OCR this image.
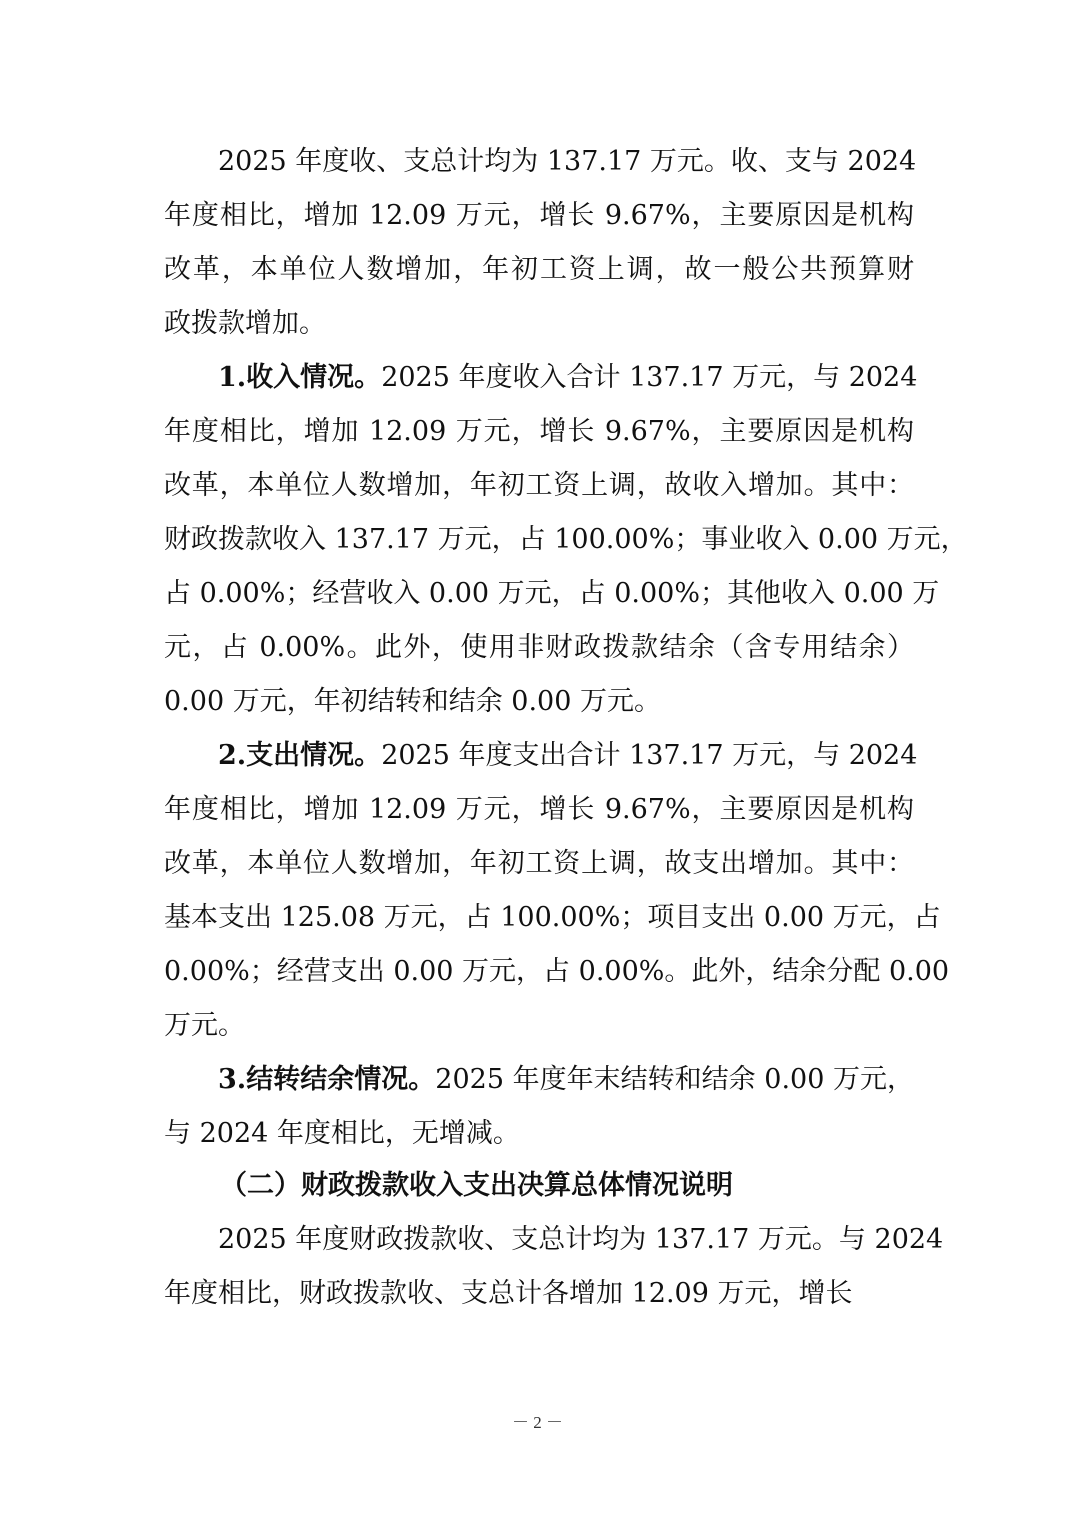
2025 年度收、支总计均为 137.17 万元。收、支与 2024
年度相比，增加 12.09 万元，增长 9.67%，主要原因是机构
改革，本单位人数增加，年初工资上调，故一般公共预算财
政拨款增加。
1.收入情况。2025 年度收入合计 137.17 万元，与 2024
年度相比，增加 12.09 万元，增长 9.67%，主要原因是机构
改革，本单位人数增加，年初工资上调，故收入增加。其中：
财政拨款收入 137.17 万元，占 100.00%；事业收入 0.00 万元，
占 0.00%；经营收入 0.00 万元，占 0.00%；其他收入 0.00 万
元，占 0.00%。此外，使用非财政拨款结余（含专用结余）
0.00 万元，年初结转和结余 0.00 万元。
2.支出情况。2025 年度支出合计 137.17 万元，与 2024
年度相比，增加 12.09 万元，增长 9.67%，主要原因是机构
改革，本单位人数增加，年初工资上调，故支出增加。其中：
基本支出 125.08 万元，占 100.00%；项目支出 0.00 万元，占
0.00%；经营支出 0.00 万元，占 0.00%。此外，结余分配 0.00
万元。
3.结转结余情况。2025 年度年末结转和结余 0.00 万元，
与 2024 年度相比，无增减。
（二）财政拨款收入支出决算总体情况说明
2025 年度财政拨款收、支总计均为 137.17 万元。与 2024
年度相比，财政拨款收、支总计各增加 12.09 万元，增长
－ 2 －
